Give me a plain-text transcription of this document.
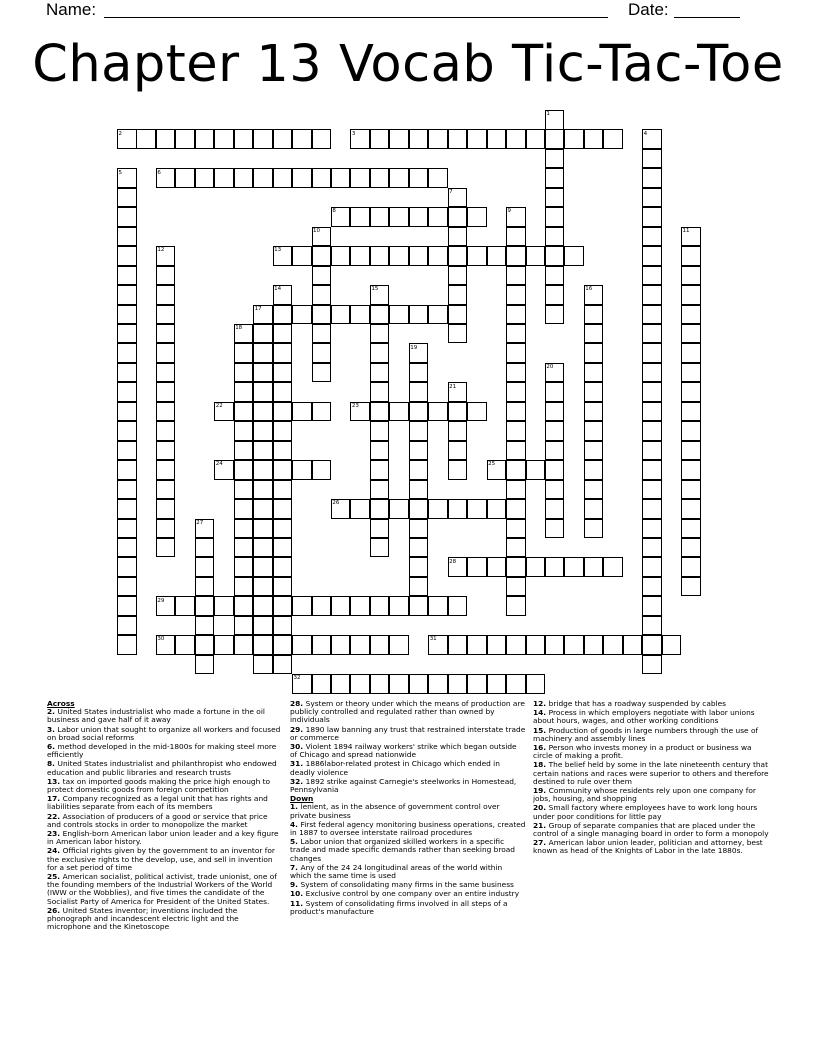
Name:	Date:
Chapter 13 Vocab Tic-Tac-Toe
2	3
6
8
13
17
22	23
24	25
26
28
29
30	31
32
1
4
5
7
9
10	11
12
14	15	16
18
19
20
21
27
Across
2. United States industrialist who made a fortune in the oil business and gave half of it away
3. Labor union that sought to organize all workers and focused on broad social reforms
6. method developed in the mid-1800s for making steel more efficiently
8. United States industrialist and philanthropist who endowed education and public libraries and research trusts
13. tax on imported goods making the price high enough to protect domestic goods from foreign competition
17. Company recognized as a legal unit that has rights and liabilities separate from each of its members
22. Association of producers of a good or service that price and controls stocks in order to monopolize the market
23. English-born American labor union leader and a key figure in American labor history.
24. Official rights given by the government to an inventor for the exclusive rights to the develop, use, and sell in invention for a set period of time
25. American socialist, political activist, trade unionist, one of the founding members of the Industrial Workers of the World (IWW or the Wobblies), and five times the candidate of the Socialist Party of America for President of the United States.
26. United States inventor; inventions included the phonograph and incandescent electric light and the microphone and the Kinetoscope
28. System or theory under which the means of production are publicly controlled and regulated rather than owned by individuals
29. 1890 law banning any trust that restrained interstate trade or commerce
30. Violent 1894 railway workers' strike which began outside of Chicago and spread nationwide
31. 1886labor-related protest in Chicago which ended in deadly violence
32. 1892 strike against Carnegie's steelworks in Homestead, Pennsylvania
Down
1. lenient, as in the absence of government control over private business
4. First federal agency monitoring business operations, created in 1887 to oversee interstate railroad procedures
5. Labor union that organized skilled workers in a specific trade and made specific demands rather than seeking broad changes
7. Any of the 24 24 longitudinal areas of the world within which the same time is used
9. System of consolidating many firms in the same business
10. Exclusive control by one company over an entire industry
11. System of consolidating firms involved in all steps of a product's manufacture
12. bridge that has a roadway suspended by cables
14. Process in which employers negotiate with labor unions about hours, wages, and other working conditions
15. Production of goods in large numbers through the use of machinery and assembly lines
16. Person who invests money in a product or business wa circle of making a profit.
18. The belief held by some in the late nineteenth century that certain nations and races were superior to others and therefore destined to rule over them
19. Community whose residents rely upon one company for jobs, housing, and shopping
20. Small factory where employees have to work long hours under poor conditions for little pay
21. Group of separate companies that are placed under the control of a single managing board in order to form a monopoly
27. American labor union leader, politician and attorney, best known as head of the Knights of Labor in the late 1880s.
